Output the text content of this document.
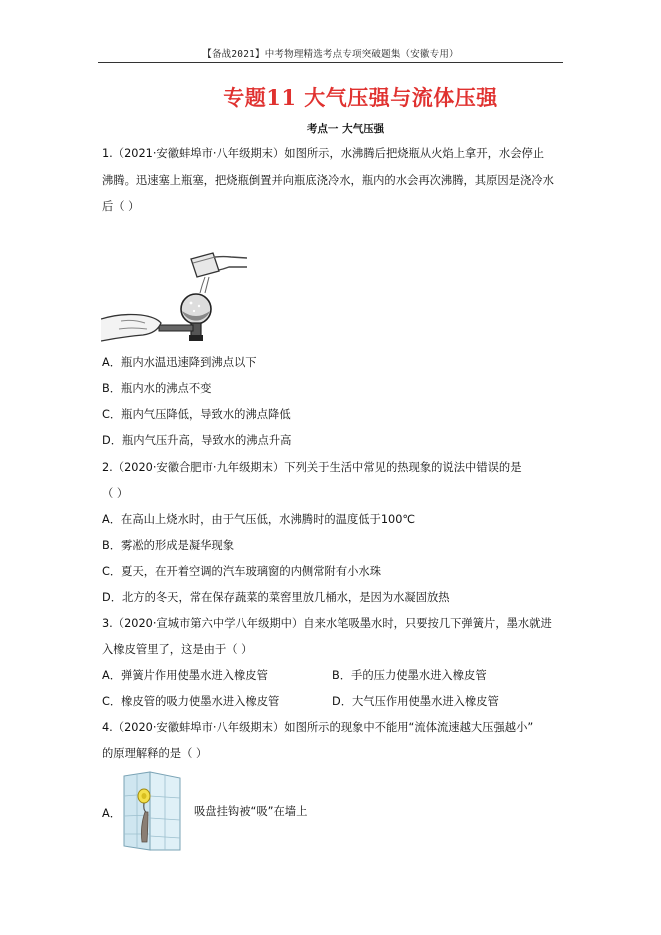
【备战2021】中考物理精选考点专项突破题集（安徽专用）
专题11 大气压强与流体压强
考点一 大气压强
1.（2021·安徽蚌埠市·八年级期末）如图所示，水沸腾后把烧瓶从火焰上拿开，水会停止
沸腾。迅速塞上瓶塞，把烧瓶倒置并向瓶底浇冷水，瓶内的水会再次沸腾，其原因是浇冷水
后（ ）
A．瓶内水温迅速降到沸点以下
B．瓶内水的沸点不变
C．瓶内气压降低，导致水的沸点降低
D．瓶内气压升高，导致水的沸点升高
2.（2020·安徽合肥市·九年级期末）下列关于生活中常见的热现象的说法中错误的是
（ ）
A．在高山上烧水时，由于气压低，水沸腾时的温度低于100℃
B．雾凇的形成是凝华现象
C．夏天，在开着空调的汽车玻璃窗的内侧常附有小水珠
D．北方的冬天，常在保存蔬菜的菜窖里放几桶水，是因为水凝固放热
3.（2020·宣城市第六中学八年级期中）自来水笔吸墨水时，只要按几下弹簧片，墨水就进
入橡皮管里了，这是由于（ ）
A．弹簧片作用使墨水进入橡皮管	B．手的压力使墨水进入橡皮管
C．橡皮管的吸力使墨水进入橡皮管	D．大气压作用使墨水进入橡皮管
4.（2020·安徽蚌埠市·八年级期末）如图所示的现象中不能用“流体流速越大压强越小”
的原理解释的是（ ）
A．	吸盘挂钩被“吸”在墙上
